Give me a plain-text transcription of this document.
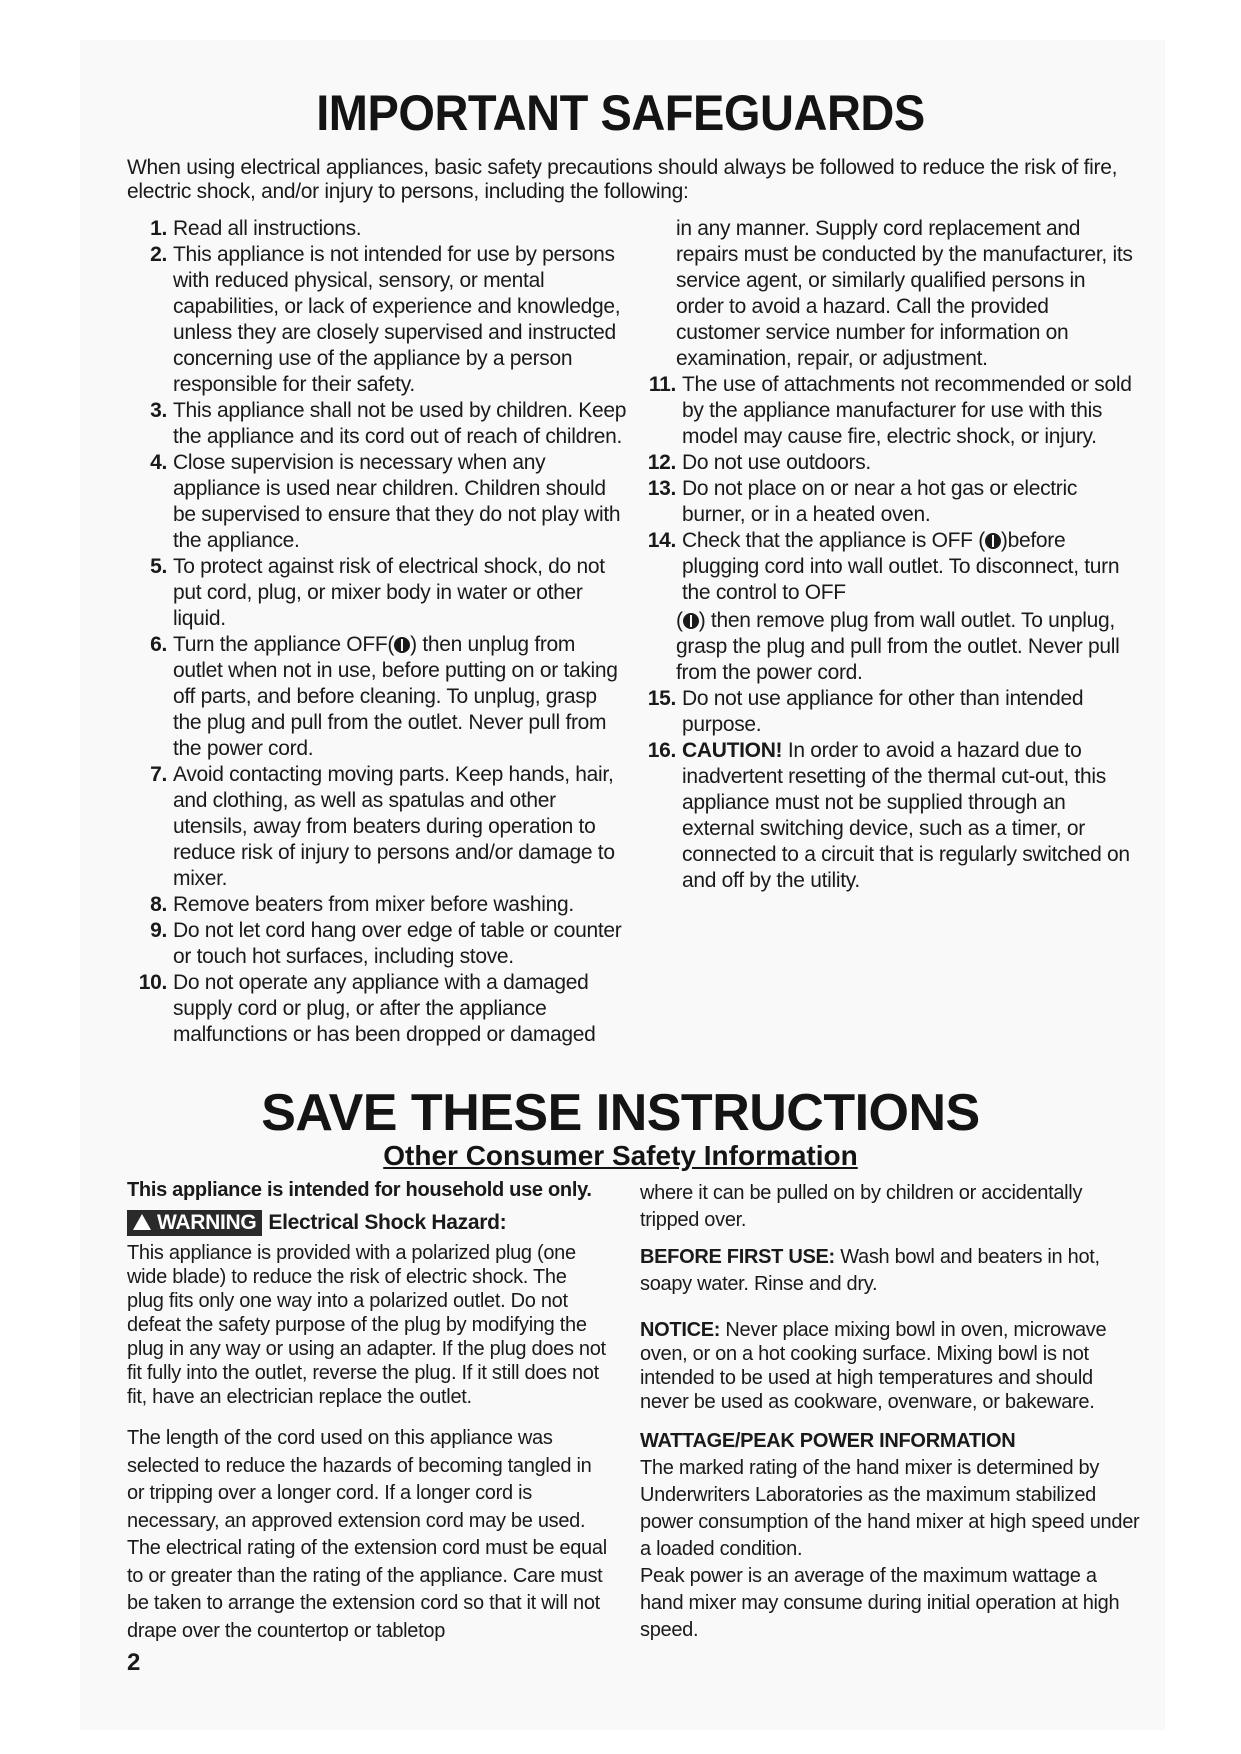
IMPORTANT SAFEGUARDS
When using electrical appliances, basic safety precautions should always be followed to reduce the risk of fire, electric shock, and/or injury to persons, including the following:
1. Read all instructions.
2. This appliance is not intended for use by persons with reduced physical, sensory, or mental capabilities, or lack of experience and knowledge, unless they are closely supervised and instructed concerning use of the appliance by a person responsible for their safety.
3. This appliance shall not be used by children. Keep the appliance and its cord out of reach of children.
4. Close supervision is necessary when any appliance is used near children. Children should be supervised to ensure that they do not play with the appliance.
5. To protect against risk of electrical shock, do not put cord, plug, or mixer body in water or other liquid.
6. Turn the appliance OFF( ) then unplug from outlet when not in use, before putting on or taking off parts, and before cleaning. To unplug, grasp the plug and pull from the outlet. Never pull from the power cord.
7. Avoid contacting moving parts. Keep hands, hair, and clothing, as well as spatulas and other utensils, away from beaters during operation to reduce risk of injury to persons and/or damage to mixer.
8. Remove beaters from mixer before washing.
9. Do not let cord hang over edge of table or counter or touch hot surfaces, including stove.
10. Do not operate any appliance with a damaged supply cord or plug, or after the appliance malfunctions or has been dropped or damaged
in any manner. Supply cord replacement and repairs must be conducted by the manufacturer, its service agent, or similarly qualified persons in order to avoid a hazard. Call the provided customer service number for information on examination, repair, or adjustment.
11. The use of attachments not recommended or sold by the appliance manufacturer for use with this model may cause fire, electric shock, or injury.
12. Do not use outdoors.
13. Do not place on or near a hot gas or electric burner, or in a heated oven.
14. Check that the appliance is OFF ( )before plugging cord into wall outlet. To disconnect, turn the control to OFF
( ) then remove plug from wall outlet. To unplug, grasp the plug and pull from the outlet. Never pull from the power cord.
15. Do not use appliance for other than intended purpose.
16. CAUTION! In order to avoid a hazard due to inadvertent resetting of the thermal cut-out, this appliance must not be supplied through an external switching device, such as a timer, or connected to a circuit that is regularly switched on and off by the utility.
SAVE THESE INSTRUCTIONS
Other Consumer Safety Information
This appliance is intended for household use only.
WARNING Electrical Shock Hazard:
This appliance is provided with a polarized plug (one wide blade) to reduce the risk of electric shock. The plug fits only one way into a polarized outlet. Do not defeat the safety purpose of the plug by modifying the plug in any way or using an adapter. If the plug does not fit fully into the outlet, reverse the plug. If it still does not fit, have an electrician replace the outlet.
The length of the cord used on this appliance was selected to reduce the hazards of becoming tangled in or tripping over a longer cord. If a longer cord is necessary, an approved extension cord may be used. The electrical rating of the extension cord must be equal to or greater than the rating of the appliance. Care must be taken to arrange the extension cord so that it will not drape over the countertop or tabletop
where it can be pulled on by children or accidentally tripped over.
BEFORE FIRST USE: Wash bowl and beaters in hot, soapy water. Rinse and dry.
NOTICE: Never place mixing bowl in oven, microwave oven, or on a hot cooking surface. Mixing bowl is not intended to be used at high temperatures and should never be used as cookware, ovenware, or bakeware.
WATTAGE/PEAK POWER INFORMATION
The marked rating of the hand mixer is determined by Underwriters Laboratories as the maximum stabilized power consumption of the hand mixer at high speed under a loaded condition.
Peak power is an average of the maximum wattage a hand mixer may consume during initial operation at high speed.
2
